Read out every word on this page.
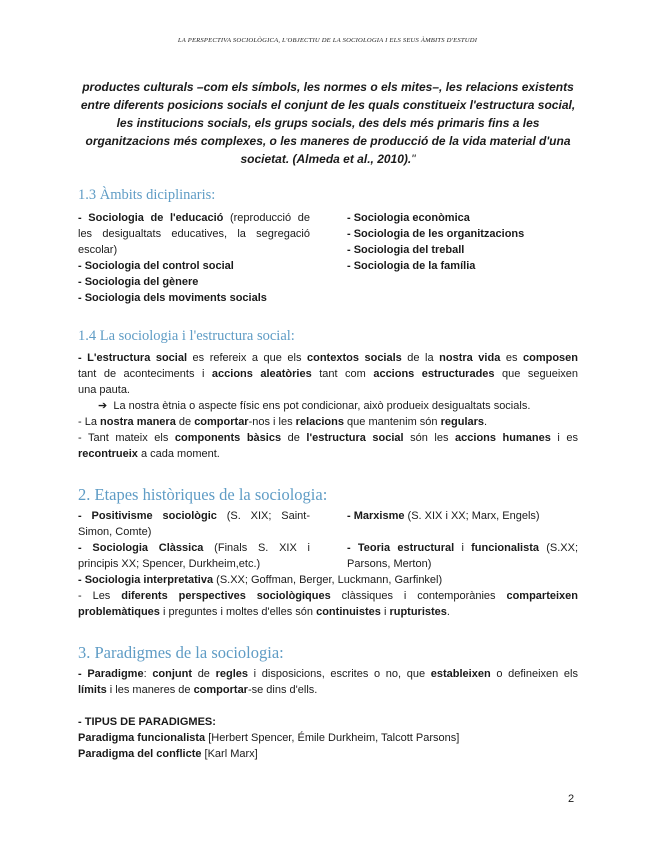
LA PERSPECTIVA SOCIOLÒGICA, L'OBJECTIU DE LA SOCIOLOGIA I ELS SEUS ÀMBITS D'ESTUDI
productes culturals –com els símbols, les normes o els mites–, les relacions existents
entre diferents posicions socials el conjunt de les quals constitueix l'estructura social,
les institucions socials, els grups socials, des dels més primaris fins a les
organitzacions més complexes, o les maneres de producció de la vida material d'una
societat. (Almeda et al., 2010)."
1.3 Àmbits diciplinaris:
- Sociologia de l'educació (reproducció de
les desigualtats educatives, la segregació
escolar)
- Sociologia del control social
- Sociologia del gènere
- Sociologia dels moviments socials
- Sociologia econòmica
- Sociologia de les organitzacions
- Sociologia del treball
- Sociologia de la família
1.4 La sociologia i l'estructura social:
- L'estructura social es refereix a que els contextos socials de la nostra vida es composen
tant de aconteciments i accions aleatòries tant com accions estructurades que segueixen
una pauta.
➔ La nostra ètnia o aspecte físic ens pot condicionar, això produeix desigualtats socials.
- La nostra manera de comportar-nos i les relacions que mantenim són regulars.
- Tant mateix els components bàsics de l'estructura social són les accions humanes i es
recontrueix a cada moment.
2. Etapes històriques de la sociologia:
- Positivisme sociològic (S. XIX; Saint-
Simon, Comte)
- Sociologia Clàssica (Finals S. XIX i
principis XX; Spencer, Durkheim,etc.)
- Marxisme (S. XIX i XX; Marx, Engels)
- Teoria estructural i funcionalista (S.XX;
Parsons, Merton)
- Sociologia interpretativa (S.XX; Goffman, Berger, Luckmann, Garfinkel)
- Les diferents perspectives sociològiques clàssiques i contemporànies comparteixen
problemàtiques i preguntes i moltes d'elles són continuistes i rupturistes.
3. Paradigmes de la sociologia:
- Paradigme: conjunt de regles i disposicions, escrites o no, que estableixen o defineixen els
límits i les maneres de comportar-se dins d'ells.
- TIPUS DE PARADIGMES:
Paradigma funcionalista [Herbert Spencer, Émile Durkheim, Talcott Parsons]
Paradigma del conflicte [Karl Marx]
2
